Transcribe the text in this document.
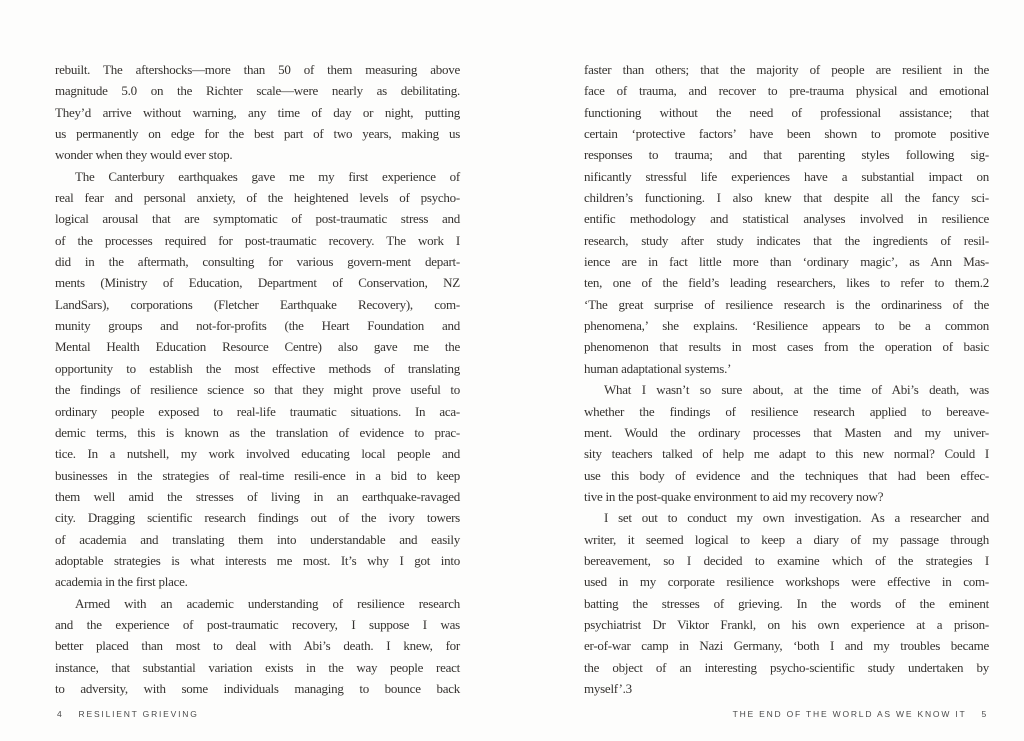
rebuilt. The aftershocks—more than 50 of them measuring above
magnitude 5.0 on the Richter scale—were nearly as debilitating.
They’d arrive without warning, any time of day or night, putting
us permanently on edge for the best part of two years, making us
wonder when they would ever stop.
The Canterbury earthquakes gave me my first experience of
real fear and personal anxiety, of the heightened levels of psycho-
logical arousal that are symptomatic of post-traumatic stress and
of the processes required for post-traumatic recovery. The work I
did in the aftermath, consulting for various govern-ment depart-
ments (Ministry of Education, Department of Conservation, NZ
LandSars), corporations (Fletcher Earthquake Recovery), com-
munity groups and not-for-profits (the Heart Foundation and
Mental Health Education Resource Centre) also gave me the
opportunity to establish the most effective methods of translating
the findings of resilience science so that they might prove useful to
ordinary people exposed to real-life traumatic situations. In aca-
demic terms, this is known as the translation of evidence to prac-
tice. In a nutshell, my work involved educating local people and
businesses in the strategies of real-time resili-ence in a bid to keep
them well amid the stresses of living in an earthquake-ravaged
city. Dragging scientific research findings out of the ivory towers
of academia and translating them into understandable and easily
adoptable strategies is what interests me most. It’s why I got into
academia in the first place.
Armed with an academic understanding of resilience research
and the experience of post-traumatic recovery, I suppose I was
better placed than most to deal with Abi’s death. I knew, for
instance, that substantial variation exists in the way people react
to adversity, with some individuals managing to bounce back
faster than others; that the majority of people are resilient in the
face of trauma, and recover to pre-trauma physical and emotional
functioning without the need of professional assistance; that
certain ‘protective factors’ have been shown to promote positive
responses to trauma; and that parenting styles following sig-
nificantly stressful life experiences have a substantial impact on
children’s functioning. I also knew that despite all the fancy sci-
entific methodology and statistical analyses involved in resilience
research, study after study indicates that the ingredients of resil-
ience are in fact little more than ‘ordinary magic’, as Ann Mas-
ten, one of the field’s leading researchers, likes to refer to them.2
‘The great surprise of resilience research is the ordinariness of the
phenomena,’ she explains. ‘Resilience appears to be a common
phenomenon that results in most cases from the operation of basic
human adaptational systems.’
What I wasn’t so sure about, at the time of Abi’s death, was
whether the findings of resilience research applied to bereave-
ment. Would the ordinary processes that Masten and my univer-
sity teachers talked of help me adapt to this new normal? Could I
use this body of evidence and the techniques that had been effec-
tive in the post-quake environment to aid my recovery now?
I set out to conduct my own investigation. As a researcher and
writer, it seemed logical to keep a diary of my passage through
bereavement, so I decided to examine which of the strategies I
used in my corporate resilience workshops were effective in com-
batting the stresses of grieving. In the words of the eminent
psychiatrist Dr Viktor Frankl, on his own experience at a prison-
er-of-war camp in Nazi Germany, ‘both I and my troubles became
the object of an interesting psycho-scientific study undertaken by
myself’.3
4 RESILIENT GRIEVING	THE END OF THE WORLD AS WE KNOW IT 5
